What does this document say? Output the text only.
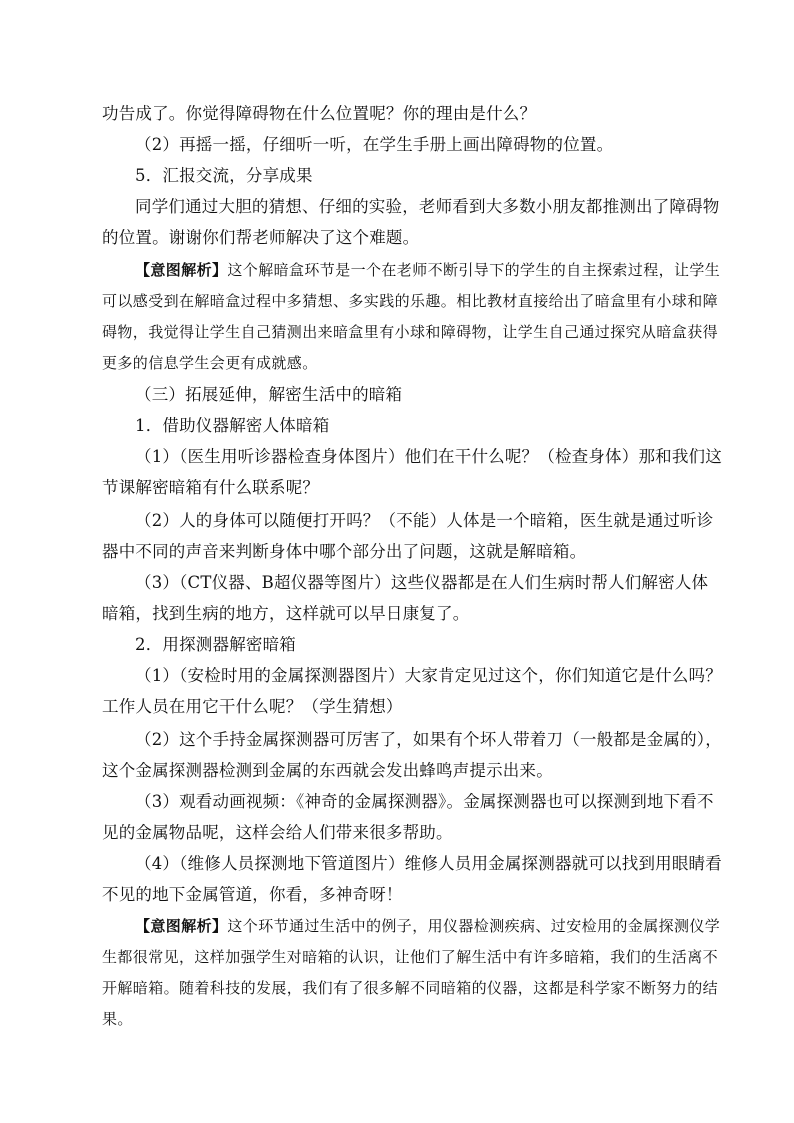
功告成了。你觉得障碍物在什么位置呢？你的理由是什么？

（2）再摇一摇，仔细听一听，在学生手册上画出障碍物的位置。

5．汇报交流，分享成果

同学们通过大胆的猜想、仔细的实验，老师看到大多数小朋友都推测出了障碍物的位置。谢谢你们帮老师解决了这个难题。

【意图解析】这个解暗盒环节是一个在老师不断引导下的学生的自主探索过程，让学生可以感受到在解暗盒过程中多猜想、多实践的乐趣。相比教材直接给出了暗盒里有小球和障碍物，我觉得让学生自己猜测出来暗盒里有小球和障碍物，让学生自己通过探究从暗盒获得更多的信息学生会更有成就感。

（三）拓展延伸，解密生活中的暗箱

1．借助仪器解密人体暗箱

（1）（医生用听诊器检查身体图片）他们在干什么呢？（检查身体）那和我们这节课解密暗箱有什么联系呢？

（2）人的身体可以随便打开吗？（不能）人体是一个暗箱，医生就是通过听诊器中不同的声音来判断身体中哪个部分出了问题，这就是解暗箱。

（3）（CT仪器、B超仪器等图片）这些仪器都是在人们生病时帮人们解密人体暗箱，找到生病的地方，这样就可以早日康复了。

2．用探测器解密暗箱

（1）（安检时用的金属探测器图片）大家肯定见过这个，你们知道它是什么吗？工作人员在用它干什么呢？（学生猜想）

（2）这个手持金属探测器可厉害了，如果有个坏人带着刀（一般都是金属的），这个金属探测器检测到金属的东西就会发出蜂鸣声提示出来。

（3）观看动画视频：《神奇的金属探测器》。金属探测器也可以探测到地下看不见的金属物品呢，这样会给人们带来很多帮助。

（4）（维修人员探测地下管道图片）维修人员用金属探测器就可以找到用眼睛看不见的地下金属管道，你看，多神奇呀！

【意图解析】这个环节通过生活中的例子，用仪器检测疾病、过安检用的金属探测仪学生都很常见，这样加强学生对暗箱的认识，让他们了解生活中有许多暗箱，我们的生活离不开解暗箱。随着科技的发展，我们有了很多解不同暗箱的仪器，这都是科学家不断努力的结果。
